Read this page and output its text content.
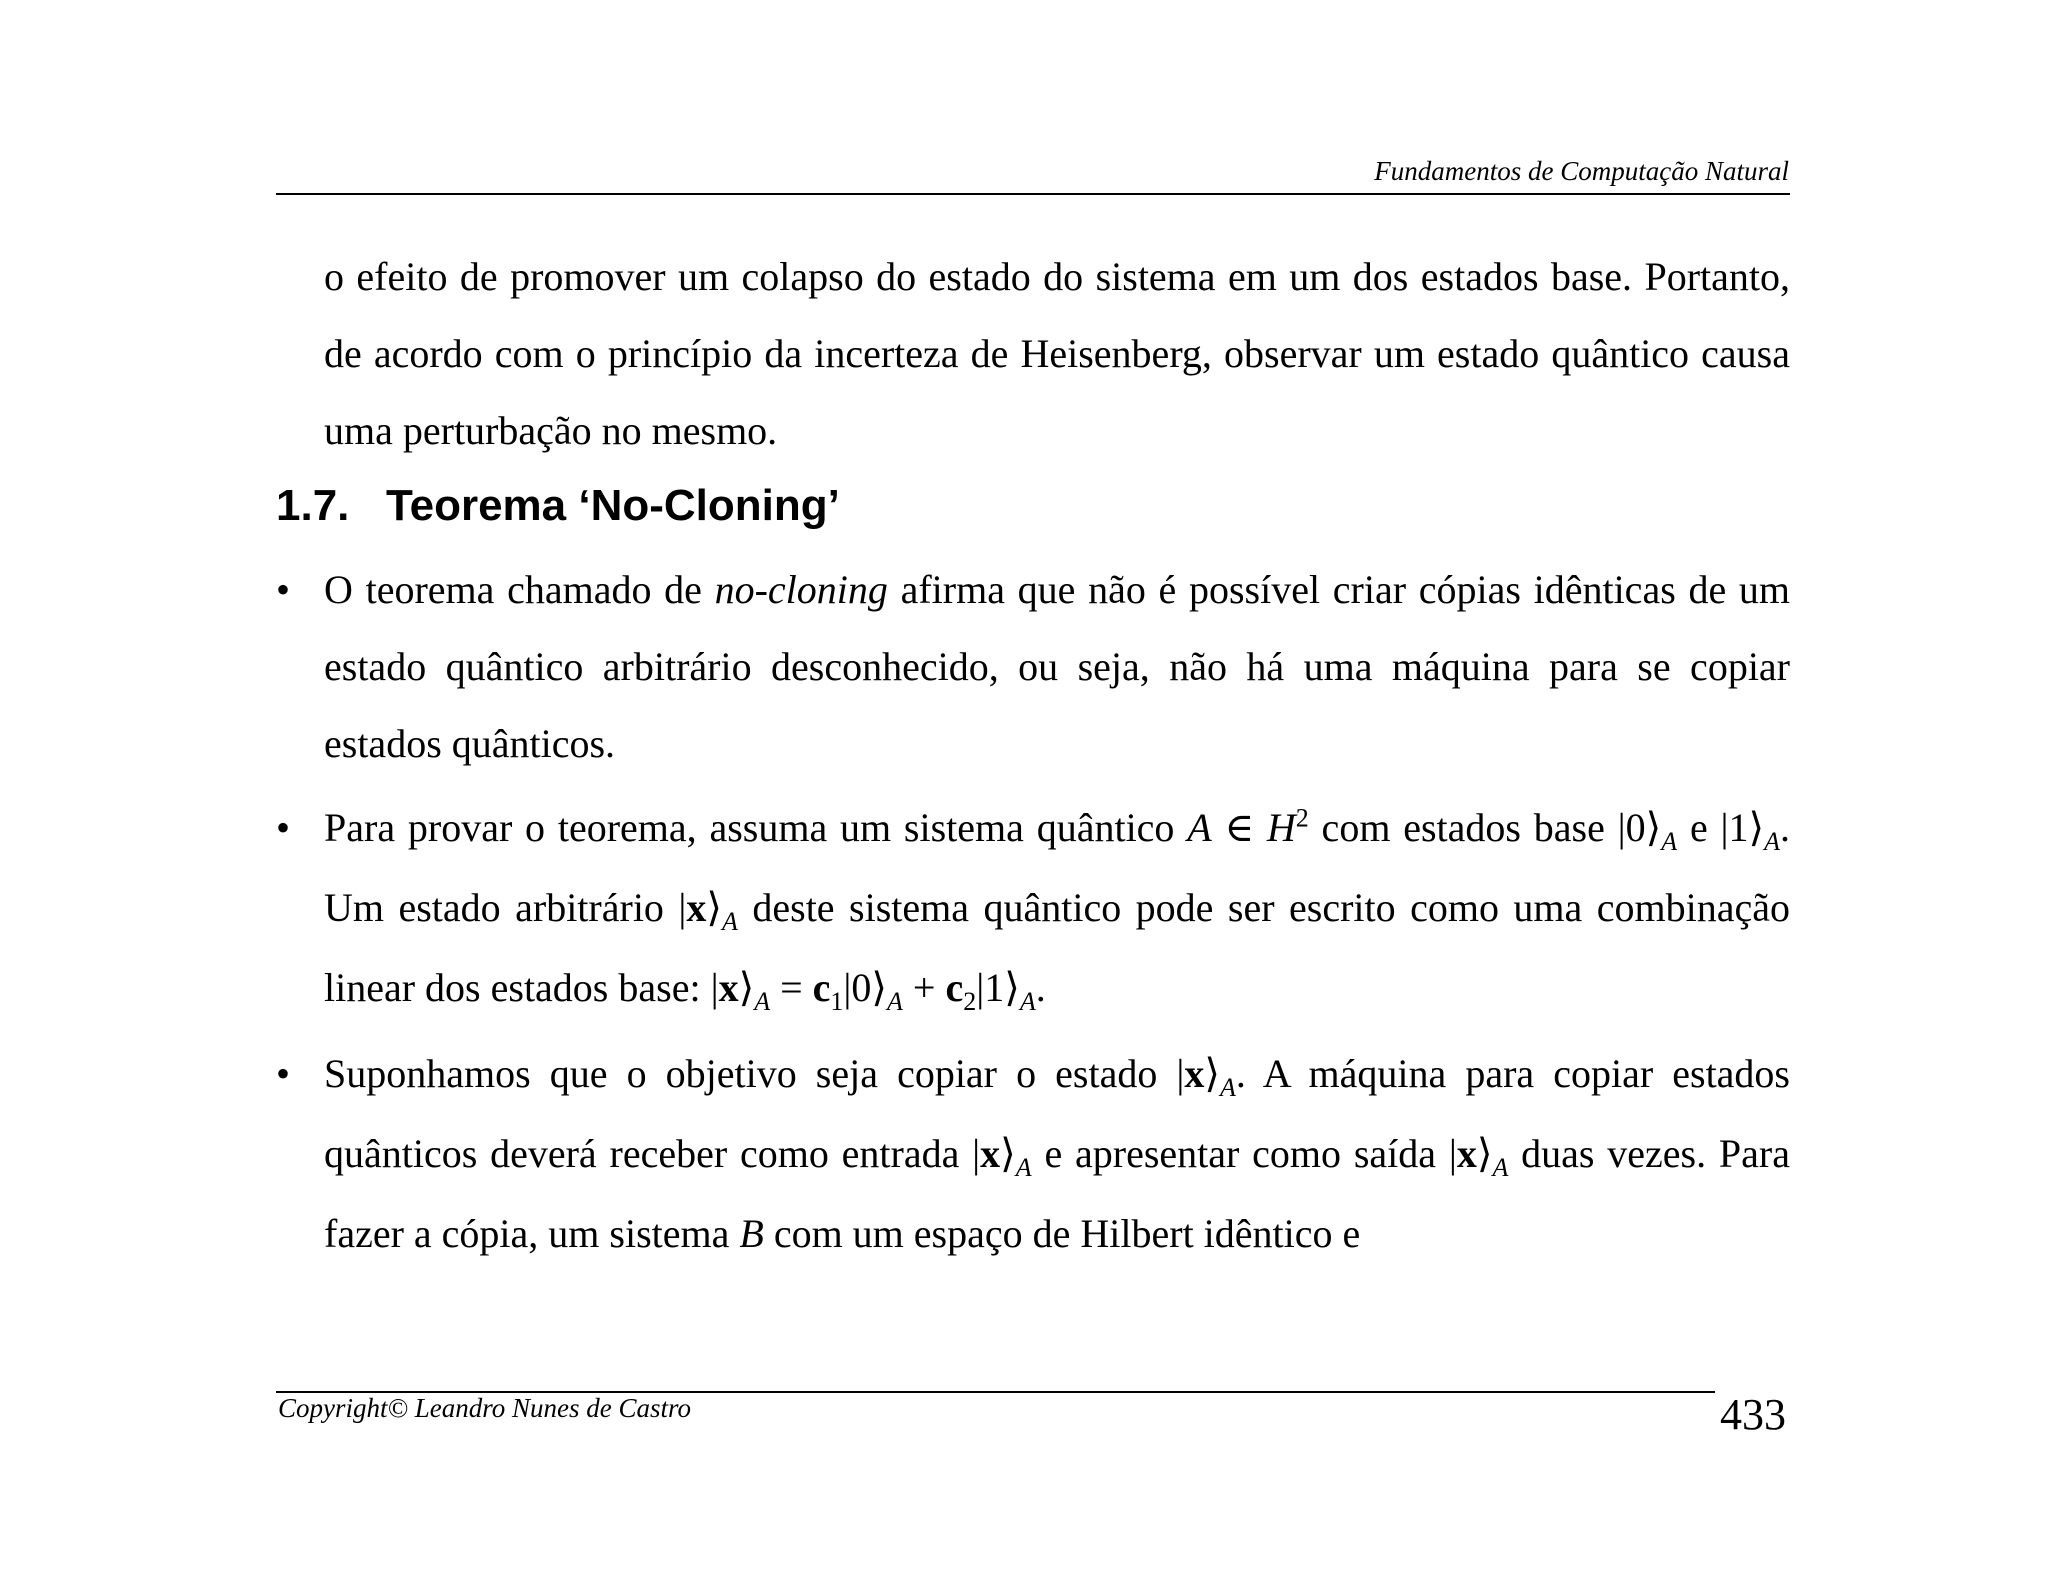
Fundamentos de Computação Natural
o efeito de promover um colapso do estado do sistema em um dos estados base. Portanto, de acordo com o princípio da incerteza de Heisenberg, observar um estado quântico causa uma perturbação no mesmo.
1.7. Teorema ‘No-Cloning’
• O teorema chamado de no-cloning afirma que não é possível criar cópias idênticas de um estado quântico arbitrário desconhecido, ou seja, não há uma máquina para se copiar estados quânticos.
• Para provar o teorema, assuma um sistema quântico A ∈ $H^2$ com estados base $|0⟩_A$ e $|1⟩_A$. Um estado arbitrário $|x⟩_A$ deste sistema quântico pode ser escrito como uma combinação linear dos estados base: $|x⟩_A$ = $c_1|0⟩_A$ + $c_2|1⟩_A$.
• Suponhamos que o objetivo seja copiar o estado $|x⟩_A$. A máquina para copiar estados quânticos deverá receber como entrada $|x⟩_A$ e apresentar como saída $|x⟩_A$ duas vezes. Para fazer a cópia, um sistema B com um espaço de Hilbert idêntico e
Copyright© Leandro Nunes de Castro	433
